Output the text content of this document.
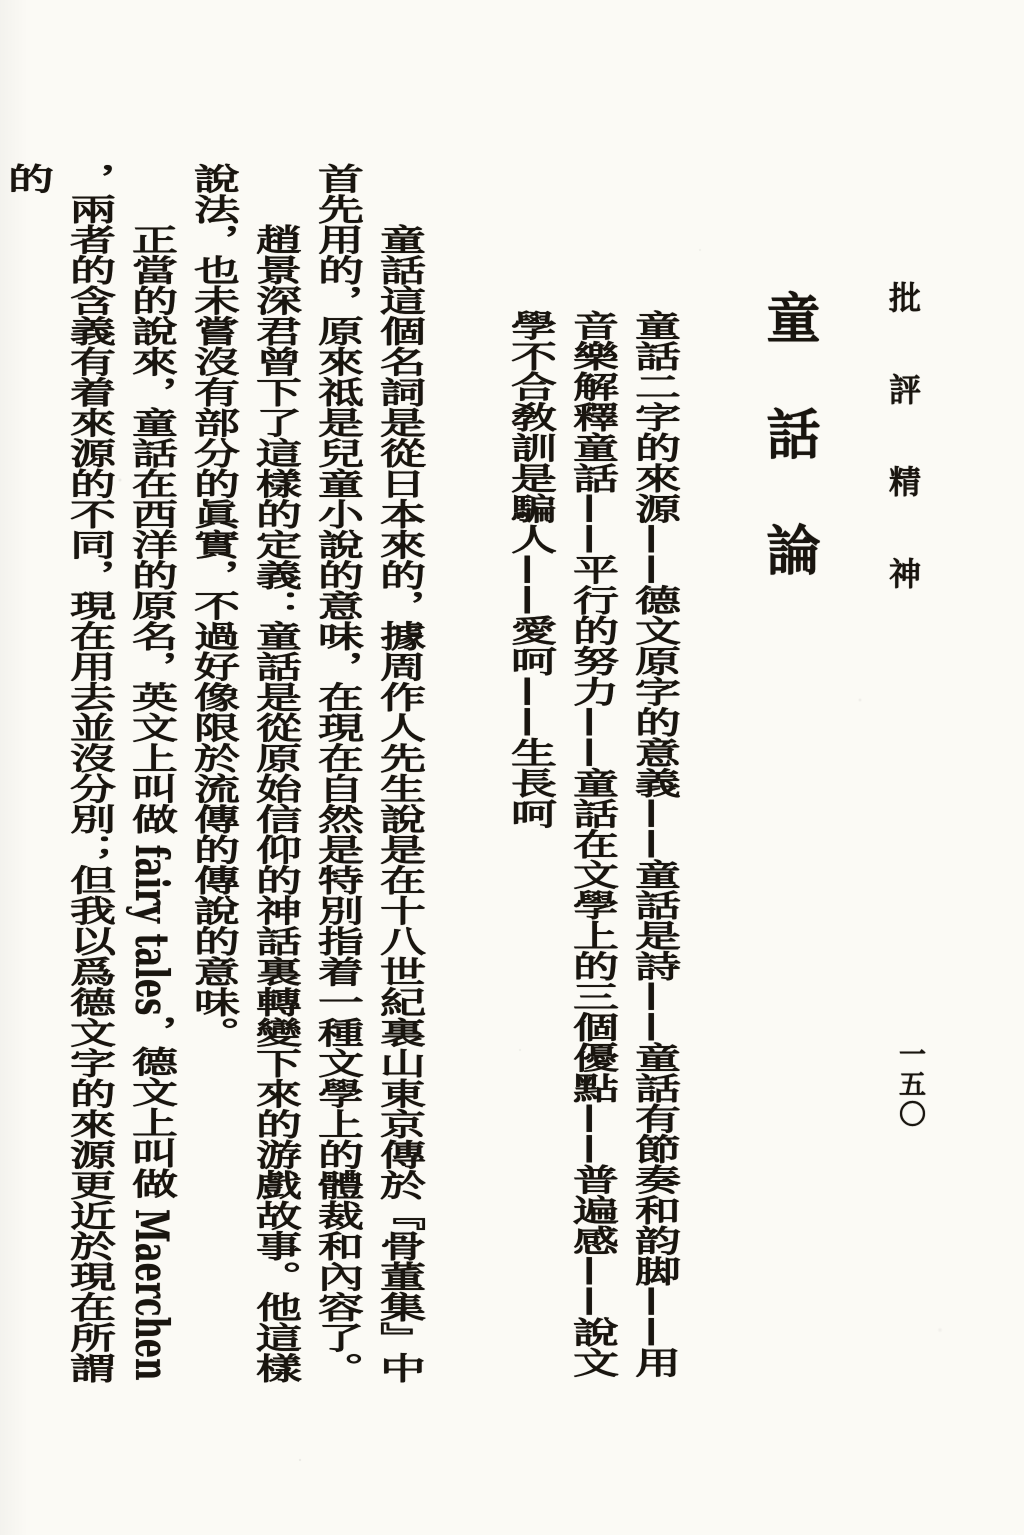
批評精神
童話論
童話二字的來源——德文原字的意義——童話是詩——童話有節奏和韵脚——用
音樂解釋童話——平行的努力——童話在文學上的三個優點——普遍感——說文
學不合敎訓是騙人——愛呵——生長呵

童話這個名詞是從日本來的，據周作人先生說是在十八世紀裏山東京傳於『骨董集』中首先用的，原來祗是兒童小說的意味，在現在自然是特別指着一種文學上的體裁和內容了。

趙景深君曾下了這樣的定義：童話是從原始信仰的神話裏轉變下來的游戲故事。他這樣說法，也未嘗沒有部分的眞實，不過好像限於流傳的傳說的意味。

正當的說來，童話在西洋的原名，英文上叫做 fairy tales，德文上叫做 Maerchen，兩者的含義有着來源的不同，現在用去並沒分別；但我以爲德文字的來源更近於現在所謂的

一五〇
